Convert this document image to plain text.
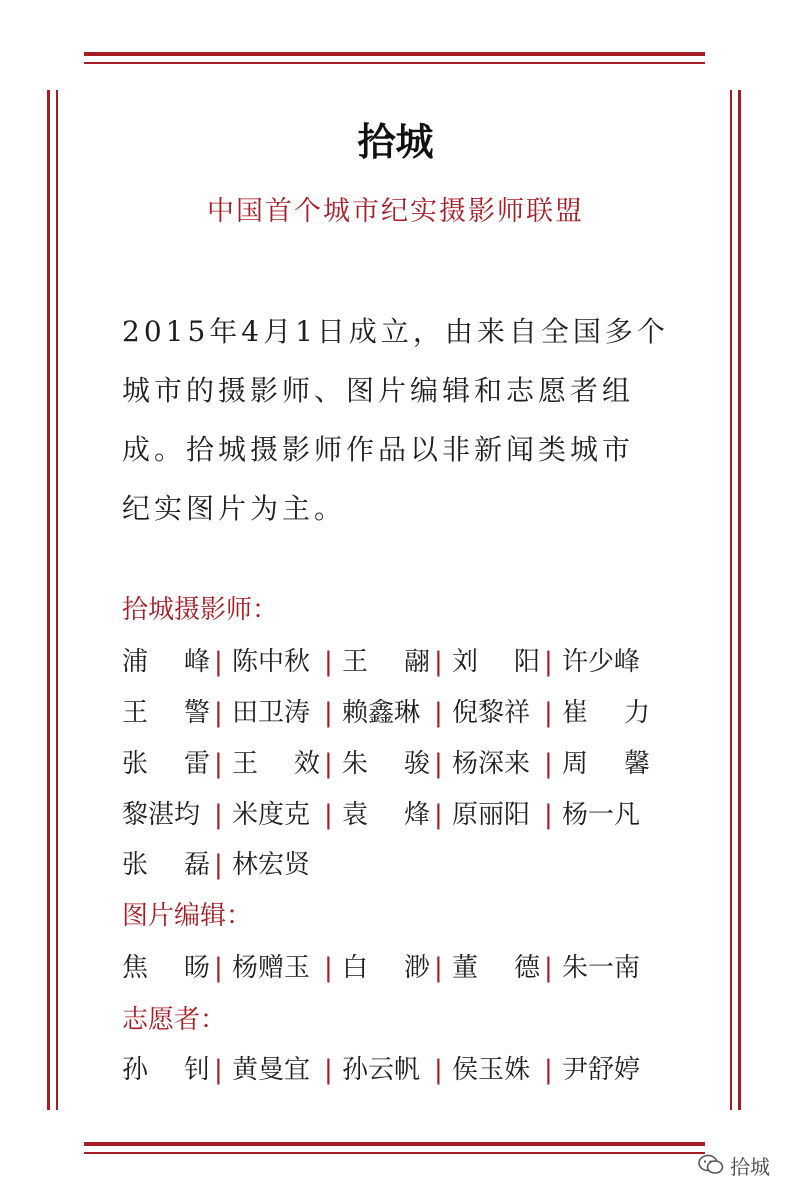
拾城
中国首个城市纪实摄影师联盟
2015年4月1日成立，由来自全国多个
城市的摄影师、图片编辑和志愿者组
成。拾城摄影师作品以非新闻类城市
纪实图片为主。
拾城摄影师：
浦 峰 | 陈中秋 | 王 翮 | 刘 阳 | 许少峰
王 警 | 田卫涛 | 赖鑫琳 | 倪黎祥 | 崔 力
张 雷 | 王 效 | 朱 骏 | 杨深来 | 周 馨
黎湛均 | 米度克 | 袁 烽 | 原丽阳 | 杨一凡
张 磊 | 林宏贤
图片编辑：
焦 旸 | 杨赠玉 | 白 渺 | 董 德 | 朱一南
志愿者：
孙 钊 | 黄曼宜 | 孙云帆 | 侯玉姝 | 尹舒婷
拾城
